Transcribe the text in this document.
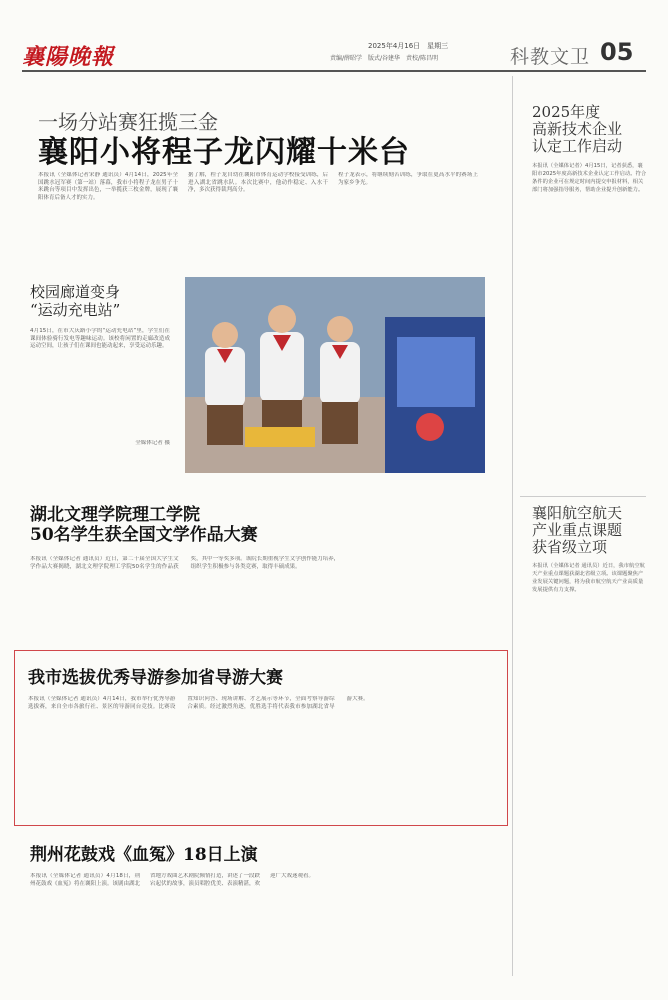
襄陽晚報	2025年4月16日　星期三
责编/薛昭学　版式/谷建华　责校/陈昌明	科教文卫 05
一场分站赛狂揽三金
襄阳小将程子龙闪耀十米台
本报讯（全媒体记者宋静 通讯员）4月14日，2025年全国跳水冠军赛（第一站）落幕，我市小将程子龙在男子十米跳台等项目中发挥出色，一举揽获三枚金牌，展现了襄阳体育后备人才的实力。
据了解，程子龙自幼在襄阳市体育运动学校接受训练，后进入湖北省跳水队。本次比赛中，他动作稳定、入水干净，多次获得裁判高分。
程子龙表示，将继续刻苦训练，争取在更高水平的赛场上为家乡争光。
校园廊道变身
“运动充电站”
4月15日，在市大庆路小学的“运动充电站”里，学生们在课间体验骑行发电等趣味运动。该校将闲置的走廊改造成运动空间，让孩子们在课间也能动起来，享受运动乐趣。
全媒体记者 摄
湖北文理学院理工学院
50名学生获全国文学作品大赛
本报讯（全媒体记者 通讯员）近日，第二十届全国大学生文学作品大赛揭晓，湖北文理学院理工学院50名学生的作品获奖，其中一等奖多项。该院长期重视学生文学创作能力培养，组织学生积极参与各类竞赛，取得丰硕成果。
我市选拔优秀导游参加省导游大赛
本报讯（全媒体记者 通讯员）4月14日，我市举行优秀导游选拔赛，来自全市各旅行社、景区的导游同台竞技。比赛设置知识问答、现场讲解、才艺展示等环节，全面考察导游综合素质。经过激烈角逐，优胜选手将代表我市参加湖北省导游大赛。
荆州花鼓戏《血冤》18日上演
本报讯（全媒体记者 通讯员）4月18日，荆州花鼓戏《血冤》将在襄阳上演。该剧由湖北省地方戏曲艺术剧院倾情打造，讲述了一段跌宕起伏的故事，演员唱腔优美、表演精湛，欢迎广大戏迷观看。
2025年度
高新技术企业
认定工作启动
本报讯（全媒体记者）4月15日，记者获悉，襄阳市2025年度高新技术企业认定工作启动。符合条件的企业可在规定时间内提交申报材料，相关部门将加强指导服务，帮助企业提升创新能力。
襄阳航空航天
产业重点课题
获省级立项
本报讯（全媒体记者 通讯员）近日，我市航空航天产业重点课题获湖北省级立项。该课题聚焦产业发展关键问题，将为我市航空航天产业高质量发展提供有力支撑。
